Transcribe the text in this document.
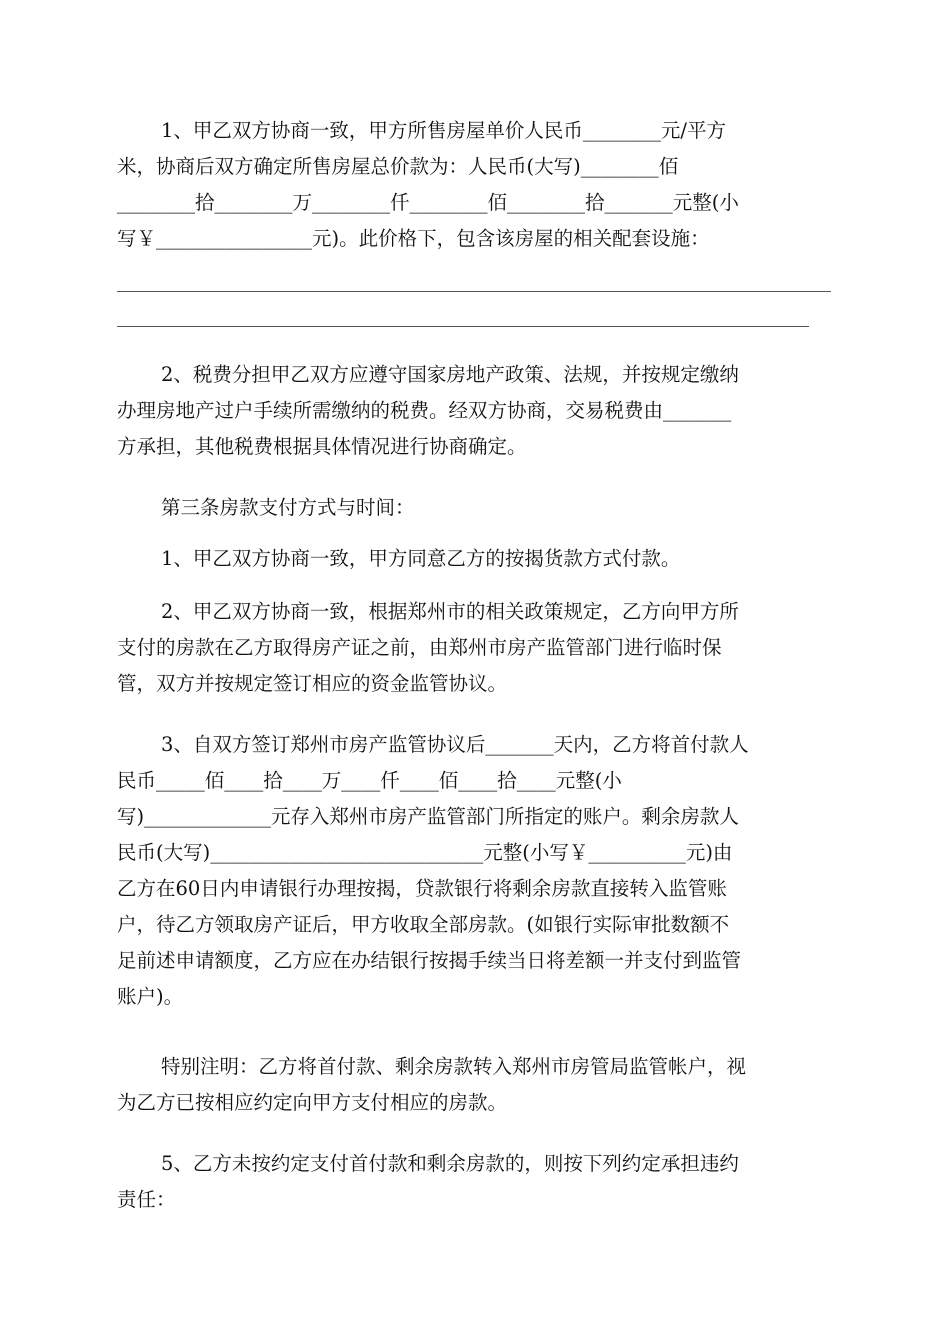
1、甲乙双方协商一致，甲方所售房屋单价人民币________元/平方
米，协商后双方确定所售房屋总价款为：人民币(大写)________佰
________拾________万________仟________佰________拾_______元整(小
写￥________________元)。此价格下，包含该房屋的相关配套设施：
2、税费分担甲乙双方应遵守国家房地产政策、法规，并按规定缴纳
办理房地产过户手续所需缴纳的税费。经双方协商，交易税费由_______
方承担，其他税费根据具体情况进行协商确定。
第三条房款支付方式与时间：
1、甲乙双方协商一致，甲方同意乙方的按揭货款方式付款。
2、甲乙双方协商一致，根据郑州市的相关政策规定，乙方向甲方所
支付的房款在乙方取得房产证之前，由郑州市房产监管部门进行临时保
管，双方并按规定签订相应的资金监管协议。
3、自双方签订郑州市房产监管协议后_______天内，乙方将首付款人
民币_____佰____拾____万____仟____佰____拾____元整(小
写)_____________元存入郑州市房产监管部门所指定的账户。剩余房款人
民币(大写)____________________________元整(小写￥__________元)由
乙方在60日内申请银行办理按揭，贷款银行将剩余房款直接转入监管账
户，待乙方领取房产证后，甲方收取全部房款。(如银行实际审批数额不
足前述申请额度，乙方应在办结银行按揭手续当日将差额一并支付到监管
账户)。
特别注明：乙方将首付款、剩余房款转入郑州市房管局监管帐户，视
为乙方已按相应约定向甲方支付相应的房款。
5、乙方未按约定支付首付款和剩余房款的，则按下列约定承担违约
责任：
